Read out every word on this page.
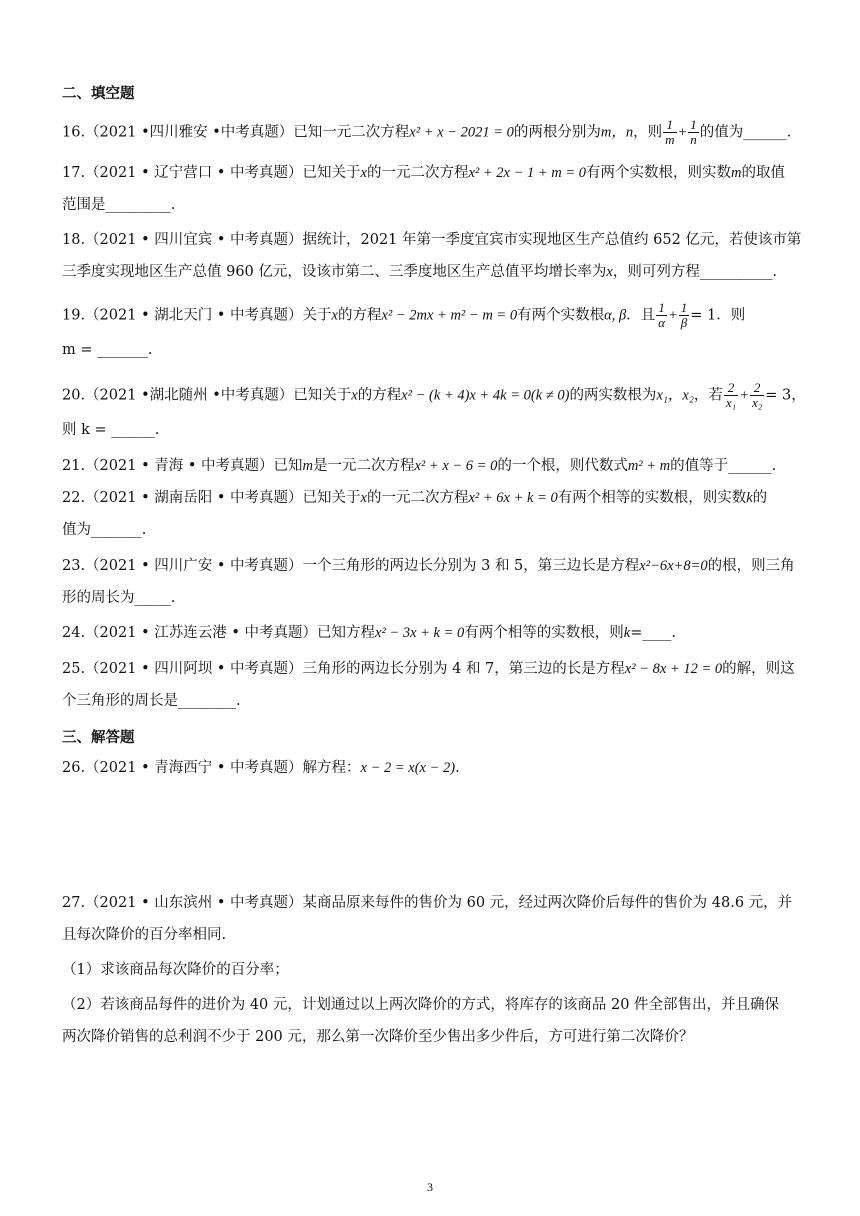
二、填空题
16.（2021 •四川雅安 •中考真题）已知一元二次方程x² + x − 2021 = 0的两根分别为m，n，则 $\frac{1}{m} + \frac{1}{n}$ 的值为______.
17.（2021 • 辽宁营口 • 中考真题）已知关于x的一元二次方程x² + 2x − 1 + m = 0有两个实数根，则实数m的取值
范围是_________.
18.（2021 • 四川宜宾 • 中考真题）据统计，2021 年第一季度宜宾市实现地区生产总值约 652 亿元，若使该市第
三季度实现地区生产总值 960 亿元，设该市第二、三季度地区生产总值平均增长率为x，则可列方程__________.
19.（2021 • 湖北天门 • 中考真题）关于x的方程x² − 2mx + m² − m = 0有两个实数根α, β．且 $\frac{1}{\alpha} + \frac{1}{\beta} = 1$．则
m = _______.
20.（2021 •湖北随州 •中考真题）已知关于x的方程x² − (k + 4)x + 4k = 0(k ≠ 0)的两实数根为x₁，x₂，若 $\frac{2}{\text{x₁}} + \frac{2}{\text{x₂}} = 3$，
则 k = ______.
21.（2021 • 青海 • 中考真题）已知m是一元二次方程x² + x − 6 = 0的一个根，则代数式m² + m的值等于______.
22.（2021 • 湖南岳阳 • 中考真题）已知关于x的一元二次方程x² + 6x + k = 0有两个相等的实数根，则实数k的
值为_______.
23.（2021 • 四川广安 • 中考真题）一个三角形的两边长分别为 3 和 5，第三边长是方程x²−6x+8=0的根，则三角
形的周长为_____.
24.（2021 • 江苏连云港 • 中考真题）已知方程x² − 3x + k = 0有两个相等的实数根，则k=____.
25.（2021 • 四川阿坝 • 中考真题）三角形的两边长分别为 4 和 7，第三边的长是方程x² − 8x + 12 = 0的解，则这
个三角形的周长是________.
三、解答题
26.（2021 • 青海西宁 • 中考真题）解方程：x − 2 = x(x − 2).
27.（2021 • 山东滨州 • 中考真题）某商品原来每件的售价为 60 元，经过两次降价后每件的售价为 48.6 元，并
且每次降价的百分率相同.
（1）求该商品每次降价的百分率；
（2）若该商品每件的进价为 40 元，计划通过以上两次降价的方式，将库存的该商品 20 件全部售出，并且确保
两次降价销售的总利润不少于 200 元，那么第一次降价至少售出多少件后，方可进行第二次降价？
3
